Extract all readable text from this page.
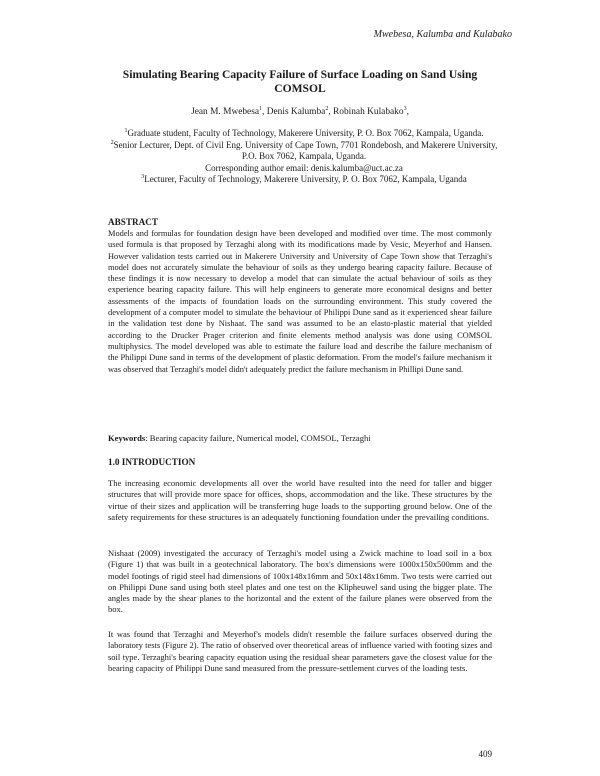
Mwebesa, Kalumba and Kulabako
Simulating Bearing Capacity Failure of Surface Loading on Sand Using COMSOL
Jean M. Mwebesa$^1$, Denis Kalumba$^2$, Robinah Kulabako$^3$,
$^1$Graduate student, Faculty of Technology, Makerere University, P. O. Box 7062, Kampala, Uganda.
$^2$Senior Lecturer, Dept. of Civil Eng. University of Cape Town, 7701 Rondebosh, and Makerere University, P.O. Box 7062, Kampala, Uganda.
Corresponding author email: denis.kalumba@uct.ac.za
$^3$Lecturer, Faculty of Technology, Makerere University, P. O. Box 7062, Kampala, Uganda
ABSTRACT
Models and formulas for foundation design have been developed and modified over time. The most commonly used formula is that proposed by Terzaghi along with its modifications made by Vesic, Meyerhof and Hansen. However validation tests carried out in Makerere University and University of Cape Town show that Terzaghi's model does not accurately simulate the behaviour of soils as they undergo bearing capacity failure. Because of these findings it is now necessary to develop a model that can simulate the actual behaviour of soils as they experience bearing capacity failure. This will help engineers to generate more economical designs and better assessments of the impacts of foundation loads on the surrounding environment. This study covered the development of a computer model to simulate the behaviour of Philippi Dune sand as it experienced shear failure in the validation test done by Nishaat. The sand was assumed to be an elasto-plastic material that yielded according to the Drucker Prager criterion and finite elements method analysis was done using COMSOL multiphysics. The model developed was able to estimate the failure load and describe the failure mechanism of the Philippi Dune sand in terms of the development of plastic deformation. From the model's failure mechanism it was observed that Terzaghi's model didn't adequately predict the failure mechanism in Phillipi Dune sand.
Keywords: Bearing capacity failure, Numerical model, COMSOL, Terzaghi
1.0 INTRODUCTION
The increasing economic developments all over the world have resulted into the need for taller and bigger structures that will provide more space for offices, shops, accommodation and the like. These structures by the virtue of their sizes and application will be transferring huge loads to the supporting ground below. One of the safety requirements for these structures is an adequately functioning foundation under the prevailing conditions.
Nishaat (2009) investigated the accuracy of Terzaghi's model using a Zwick machine to load soil in a box (Figure 1) that was built in a geotechnical laboratory. The box's dimensions were 1000x150x500mm and the model footings of rigid steel had dimensions of 100x148x16mm and 50x148x16mm. Two tests were carried out on Philippi Dune sand using both steel plates and one test on the Klipheuwel sand using the bigger plate. The angles made by the shear planes to the horizontal and the extent of the failure planes were observed from the box.
It was found that Terzaghi and Meyerhof's models didn't resemble the failure surfaces observed during the laboratory tests (Figure 2). The ratio of observed over theoretical areas of influence varied with footing sizes and soil type. Terzaghi's bearing capacity equation using the residual shear parameters gave the closest value for the bearing capacity of Philippi Dune sand measured from the pressure-settlement curves of the loading tests.
409
